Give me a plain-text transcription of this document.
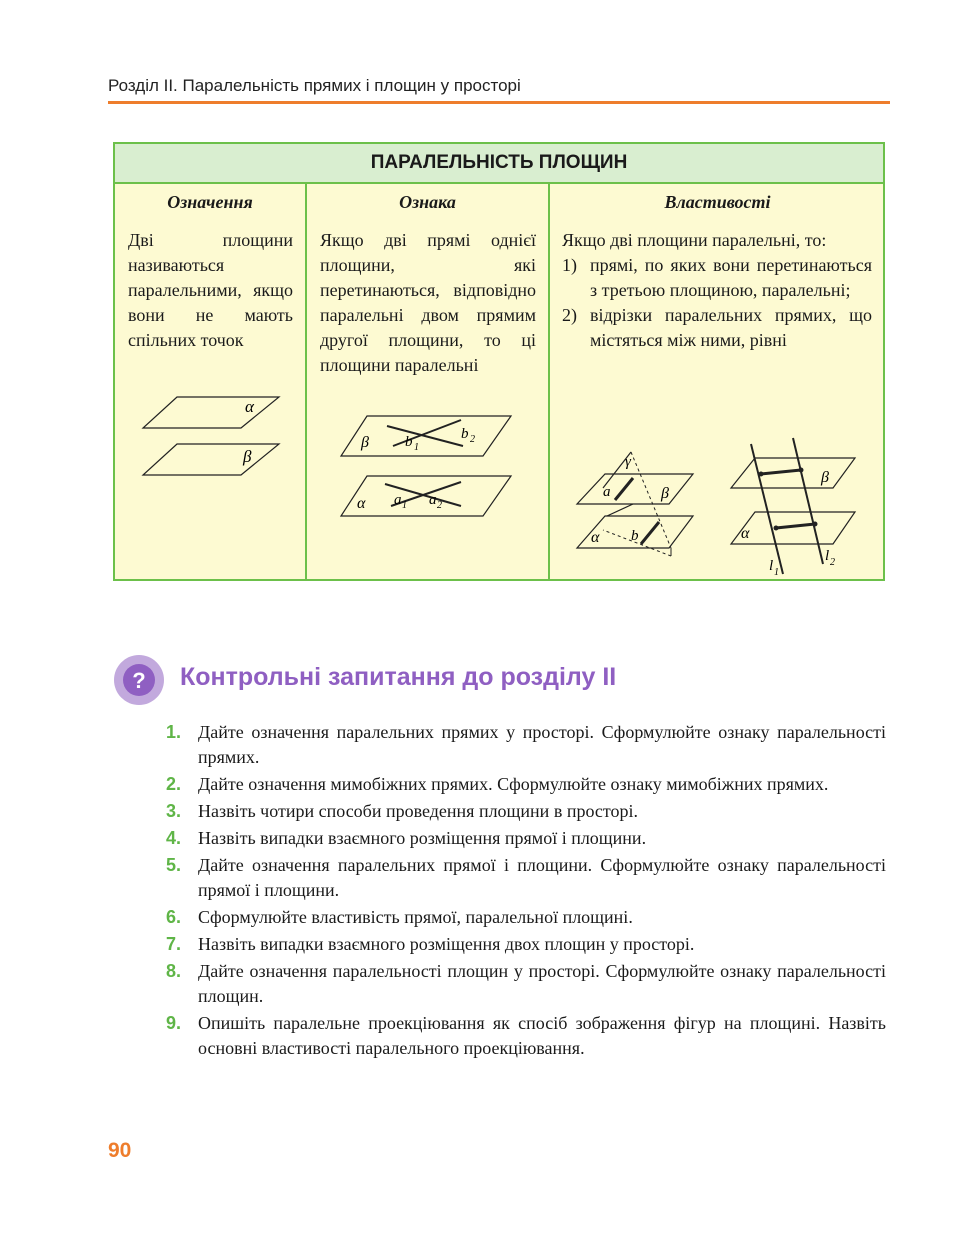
Розділ ІІ. Паралельність прямих і площин у просторі
ПАРАЛЕЛЬНІСТЬ ПЛОЩИН
Означення

Дві площини називаються паралельними, якщо вони не мають спільних точок

α
β
Ознака

Якщо дві прямі однієї площини, які перетинаються, відповідно паралельні двом прямим другої площини, то ці площини паралельні

β b 1
b 2
α a 1 a 2
Властивості

Якщо дві площини паралельні, то:

1) прямі, по яких вони перетинаються з третьою площиною, паралельні;
2) відрізки паралельних прямих, що містяться між ними, рівні
γ
a	β
α b
β
α
l 1
l 2
? Контрольні запитання до розділу ІІ
1. Дайте означення паралельних прямих у просторі. Сформулюйте ознаку паралельності прямих.
2. Дайте означення мимобіжних прямих. Сформулюйте ознаку мимобіжних прямих.
3. Назвіть чотири способи проведення площини в просторі.
4. Назвіть випадки взаємного розміщення прямої і площини.
5. Дайте означення паралельних прямої і площини. Сформулюйте ознаку паралельності прямої і площини.
6. Сформулюйте властивість прямої, паралельної площині.
7. Назвіть випадки взаємного розміщення двох площин у просторі.
8. Дайте означення паралельності площин у просторі. Сформулюйте ознаку паралельності площин.
9. Опишіть паралельне проекціювання як спосіб зображення фігур на площині. Назвіть основні властивості паралельного проекціювання.
90
